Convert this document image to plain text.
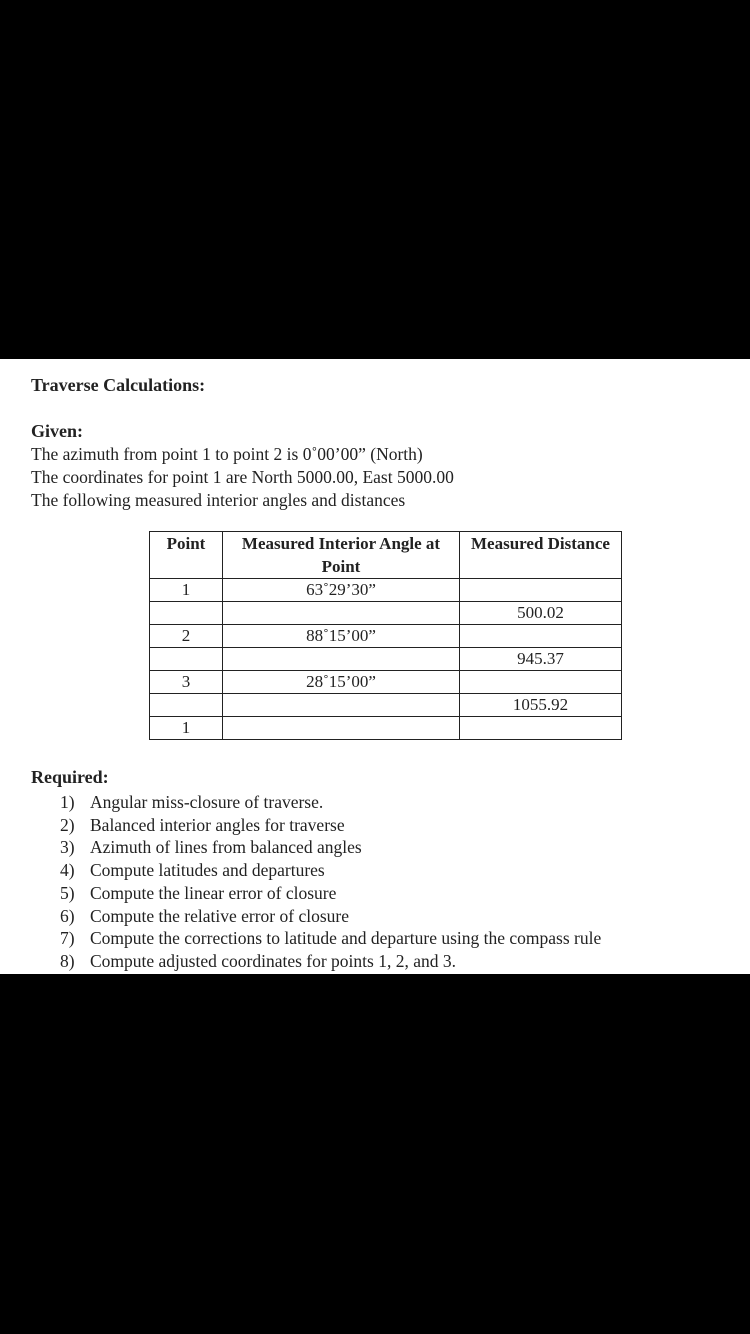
Traverse Calculations:
Given:
The azimuth from point 1 to point 2 is 0˚00’00” (North)
The coordinates for point 1 are North 5000.00, East 5000.00
The following measured interior angles and distances
Point	Measured Interior Angle at Point	Measured Distance
1	63˚29’30”	
		500.02
2	88˚15’00”	
		945.37
3	28˚15’00”	
		1055.92
1		
Required:
1) Angular miss-closure of traverse.
2) Balanced interior angles for traverse
3) Azimuth of lines from balanced angles
4) Compute latitudes and departures
5) Compute the linear error of closure
6) Compute the relative error of closure
7) Compute the corrections to latitude and departure using the compass rule
8) Compute adjusted coordinates for points 1, 2, and 3.
